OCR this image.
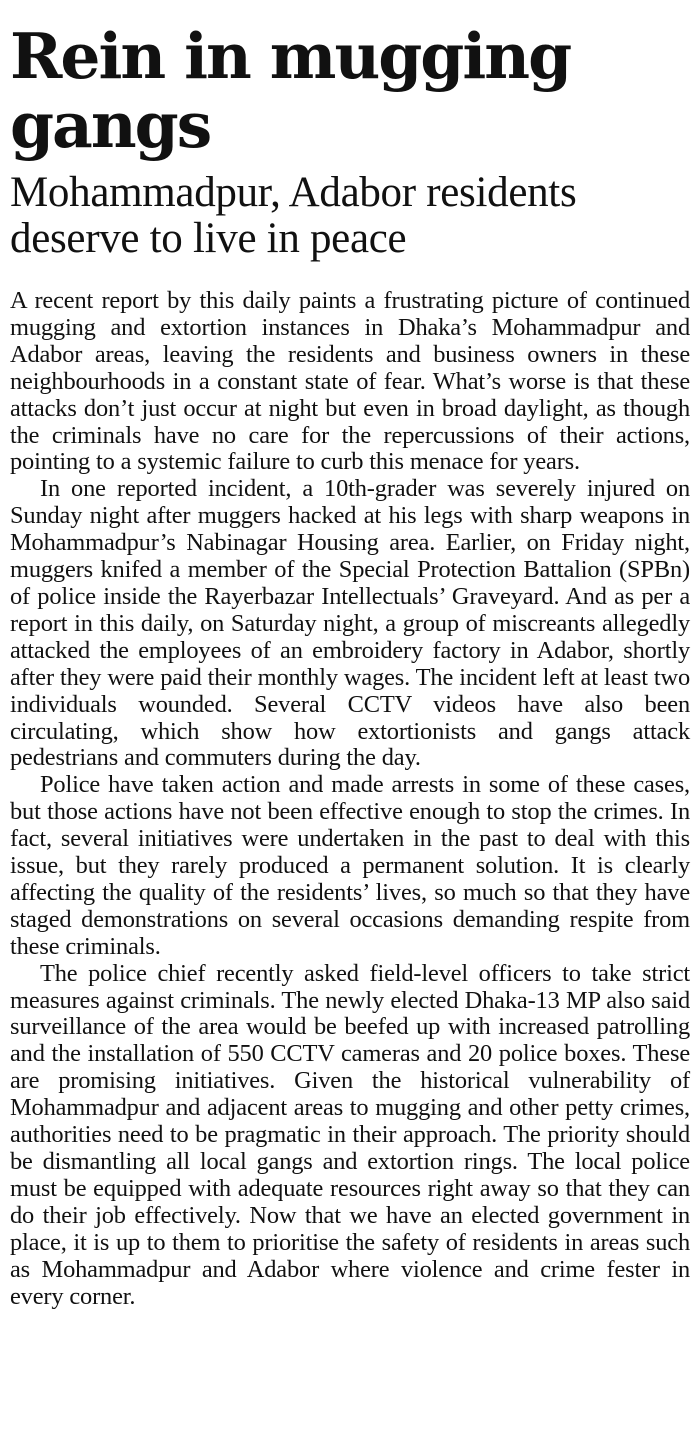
Rein in mugging gangs
Mohammadpur, Adabor residents deserve to live in peace

A recent report by this daily paints a frustrating picture of continued mugging and extortion instances in Dhaka’s Mohammadpur and Adabor areas, leaving the residents and business owners in these neighbourhoods in a constant state of fear. What’s worse is that these attacks don’t just occur at night but even in broad daylight, as though the criminals have no care for the repercussions of their actions, pointing to a systemic failure to curb this menace for years.

In one reported incident, a 10th-grader was severely injured on Sunday night after muggers hacked at his legs with sharp weapons in Mohammadpur’s Nabinagar Housing area. Earlier, on Friday night, muggers knifed a member of the Special Protection Battalion (SPBn) of police inside the Rayerbazar Intellectuals’ Graveyard. And as per a report in this daily, on Saturday night, a group of miscreants allegedly attacked the employees of an embroidery factory in Adabor, shortly after they were paid their monthly wages. The incident left at least two individuals wounded. Several CCTV videos have also been circulating, which show how extortionists and gangs attack pedestrians and commuters during the day.

Police have taken action and made arrests in some of these cases, but those actions have not been effective enough to stop the crimes. In fact, several initiatives were undertaken in the past to deal with this issue, but they rarely produced a permanent solution. It is clearly affecting the quality of the residents’ lives, so much so that they have staged demonstrations on several occasions demanding respite from these criminals.

The police chief recently asked field-level officers to take strict measures against criminals. The newly elected Dhaka-13 MP also said surveillance of the area would be beefed up with increased patrolling and the installation of 550 CCTV cameras and 20 police boxes. These are promising initiatives. Given the historical vulnerability of Mohammadpur and adjacent areas to mugging and other petty crimes, authorities need to be pragmatic in their approach. The priority should be dismantling all local gangs and extortion rings. The local police must be equipped with adequate resources right away so that they can do their job effectively. Now that we have an elected government in place, it is up to them to prioritise the safety of residents in areas such as Mohammadpur and Adabor where violence and crime fester in every corner.
